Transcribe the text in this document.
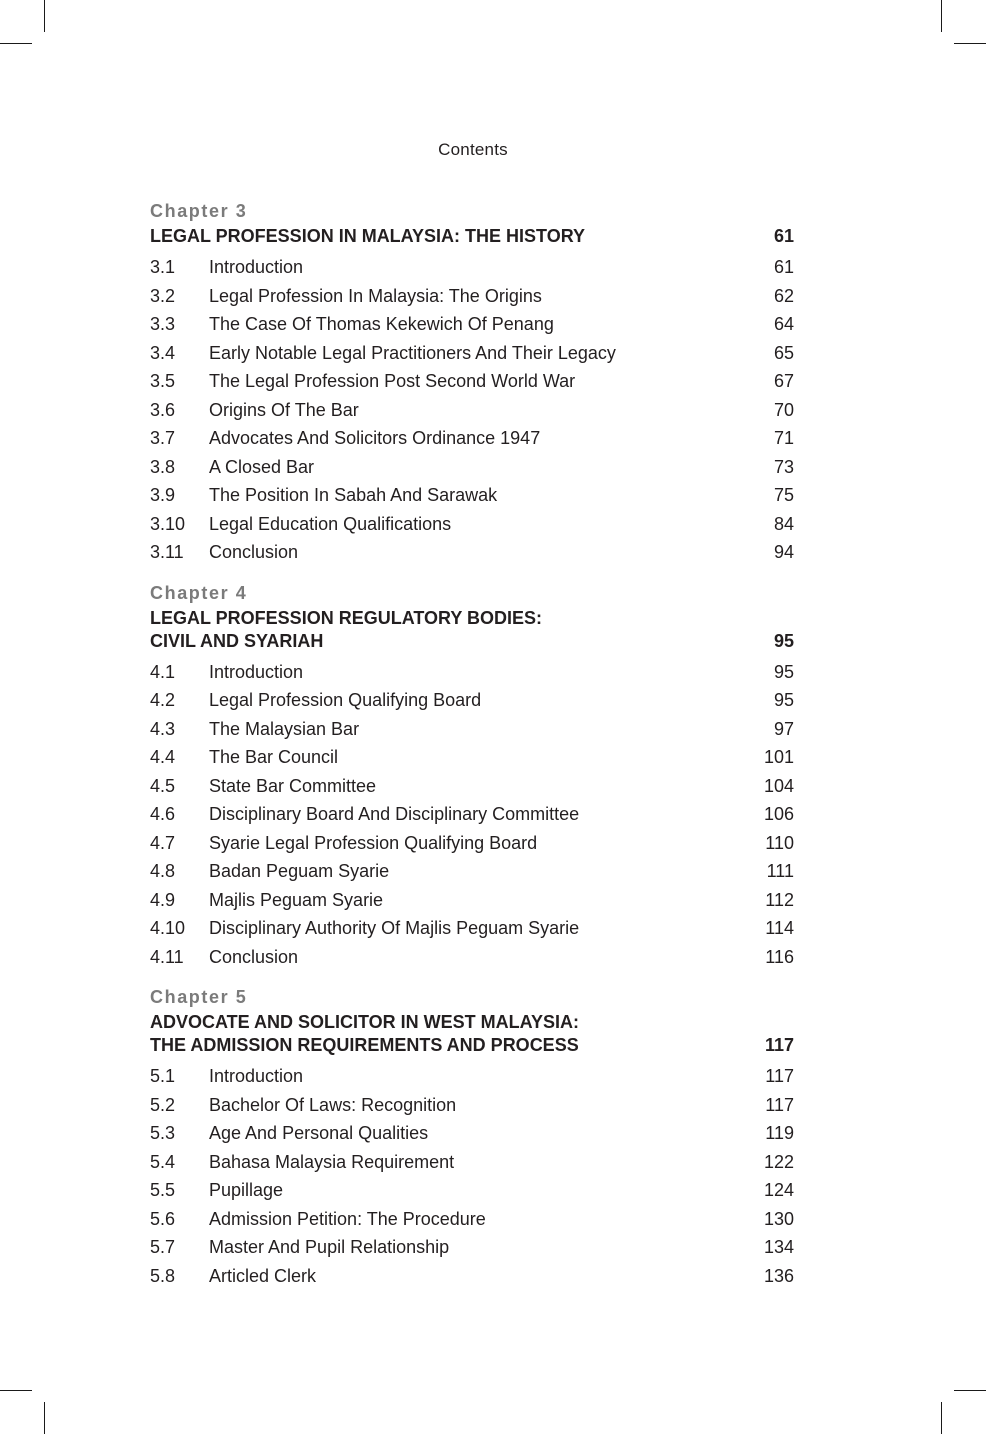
Contents
Chapter 3
LEGAL PROFESSION IN MALAYSIA: THE HISTORY	61
3.1	Introduction	61
3.2	Legal Profession In Malaysia: The Origins	62
3.3	The Case Of Thomas Kekewich Of Penang	64
3.4	Early Notable Legal Practitioners And Their Legacy	65
3.5	The Legal Profession Post Second World War	67
3.6	Origins Of The Bar	70
3.7	Advocates And Solicitors Ordinance 1947	71
3.8	A Closed Bar	73
3.9	The Position In Sabah And Sarawak	75
3.10	Legal Education Qualifications	84
3.11	Conclusion	94
Chapter 4
LEGAL PROFESSION REGULATORY BODIES:
CIVIL AND SYARIAH	95
4.1	Introduction	95
4.2	Legal Profession Qualifying Board	95
4.3	The Malaysian Bar	97
4.4	The Bar Council	101
4.5	State Bar Committee	104
4.6	Disciplinary Board And Disciplinary Committee	106
4.7	Syarie Legal Profession Qualifying Board	110
4.8	Badan Peguam Syarie	111
4.9	Majlis Peguam Syarie	112
4.10	Disciplinary Authority Of Majlis Peguam Syarie	114
4.11	Conclusion	116
Chapter 5
ADVOCATE AND SOLICITOR IN WEST MALAYSIA:
THE ADMISSION REQUIREMENTS AND PROCESS	117
5.1	Introduction	117
5.2	Bachelor Of Laws: Recognition	117
5.3	Age And Personal Qualities	119
5.4	Bahasa Malaysia Requirement	122
5.5	Pupillage	124
5.6	Admission Petition: The Procedure	130
5.7	Master And Pupil Relationship	134
5.8	Articled Clerk	136
